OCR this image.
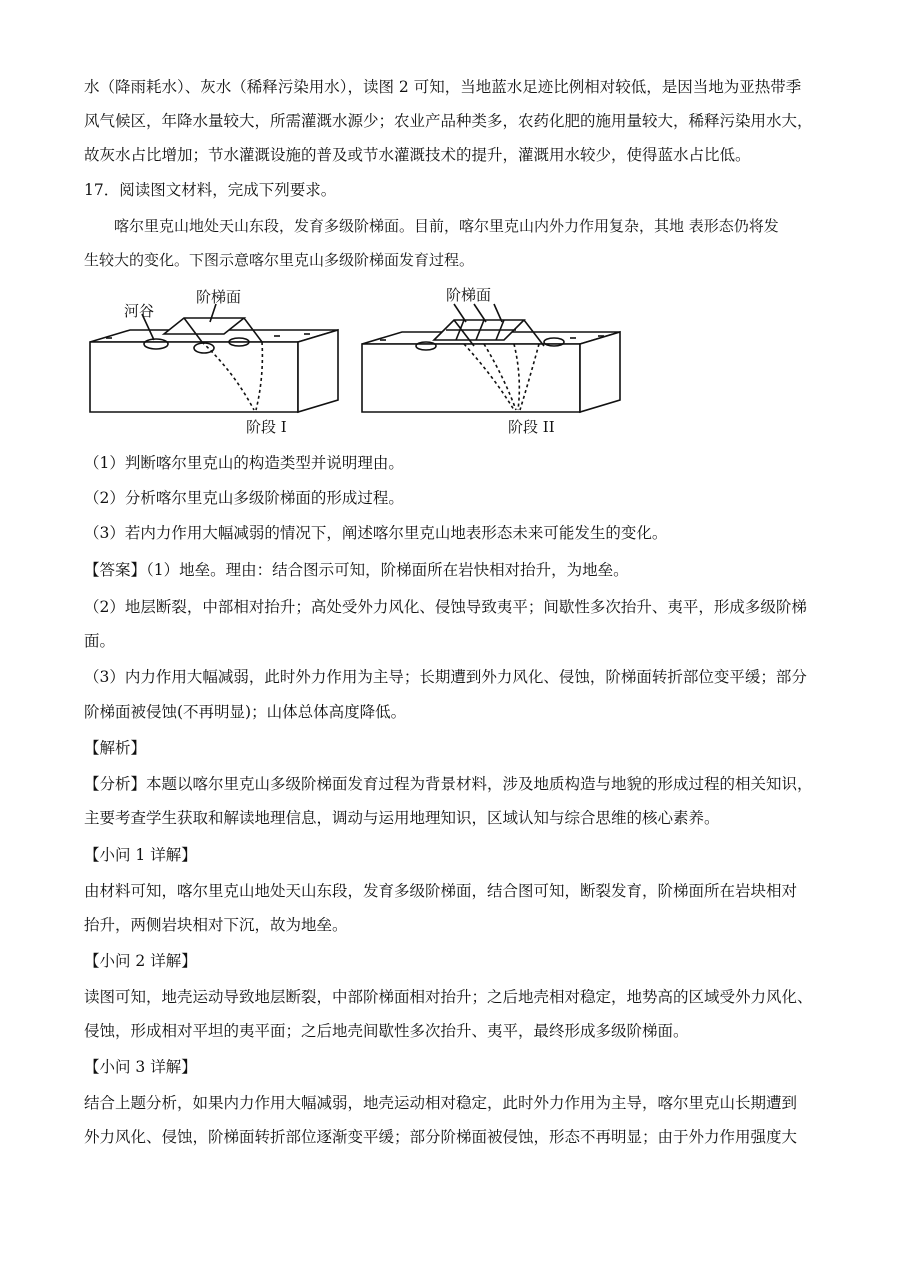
水（降雨耗水）、灰水（稀释污染用水），读图 2 可知，当地蓝水足迹比例相对较低，是因当地为亚热带季
风气候区，年降水量较大，所需灌溉水源少；农业产品种类多，农药化肥的施用量较大，稀释污染用水大，
故灰水占比增加；节水灌溉设施的普及或节水灌溉技术的提升，灌溉用水较少，使得蓝水占比低。
17．阅读图文材料，完成下列要求。
喀尔里克山地处天山东段，发育多级阶梯面。目前，喀尔里克山内外力作用复杂，其地 表形态仍将发
生较大的变化。下图示意喀尔里克山多级阶梯面发育过程。
河谷
阶梯面
阶段 I
阶梯面
阶段 II
（1）判断喀尔里克山的构造类型并说明理由。
（2）分析喀尔里克山多级阶梯面的形成过程。
（3）若内力作用大幅减弱的情况下，阐述喀尔里克山地表形态未来可能发生的变化。
【答案】（1）地垒。理由：结合图示可知，阶梯面所在岩快相对抬升，为地垒。
（2）地层断裂，中部相对抬升；高处受外力风化、侵蚀导致夷平；间歇性多次抬升、夷平，形成多级阶梯
面。
（3）内力作用大幅减弱，此时外力作用为主导；长期遭到外力风化、侵蚀，阶梯面转折部位变平缓；部分
阶梯面被侵蚀(不再明显)；山体总体高度降低。
【解析】
【分析】本题以喀尔里克山多级阶梯面发育过程为背景材料，涉及地质构造与地貌的形成过程的相关知识，
主要考查学生获取和解读地理信息，调动与运用地理知识，区域认知与综合思维的核心素养。
【小问 1 详解】
由材料可知，喀尔里克山地处天山东段，发育多级阶梯面，结合图可知，断裂发育，阶梯面所在岩块相对
抬升，两侧岩块相对下沉，故为地垒。
【小问 2 详解】
读图可知，地壳运动导致地层断裂，中部阶梯面相对抬升；之后地壳相对稳定，地势高的区域受外力风化、
侵蚀，形成相对平坦的夷平面；之后地壳间歇性多次抬升、夷平，最终形成多级阶梯面。
【小问 3 详解】
结合上题分析，如果内力作用大幅减弱，地壳运动相对稳定，此时外力作用为主导，喀尔里克山长期遭到
外力风化、侵蚀，阶梯面转折部位逐渐变平缓；部分阶梯面被侵蚀，形态不再明显；由于外力作用强度大
